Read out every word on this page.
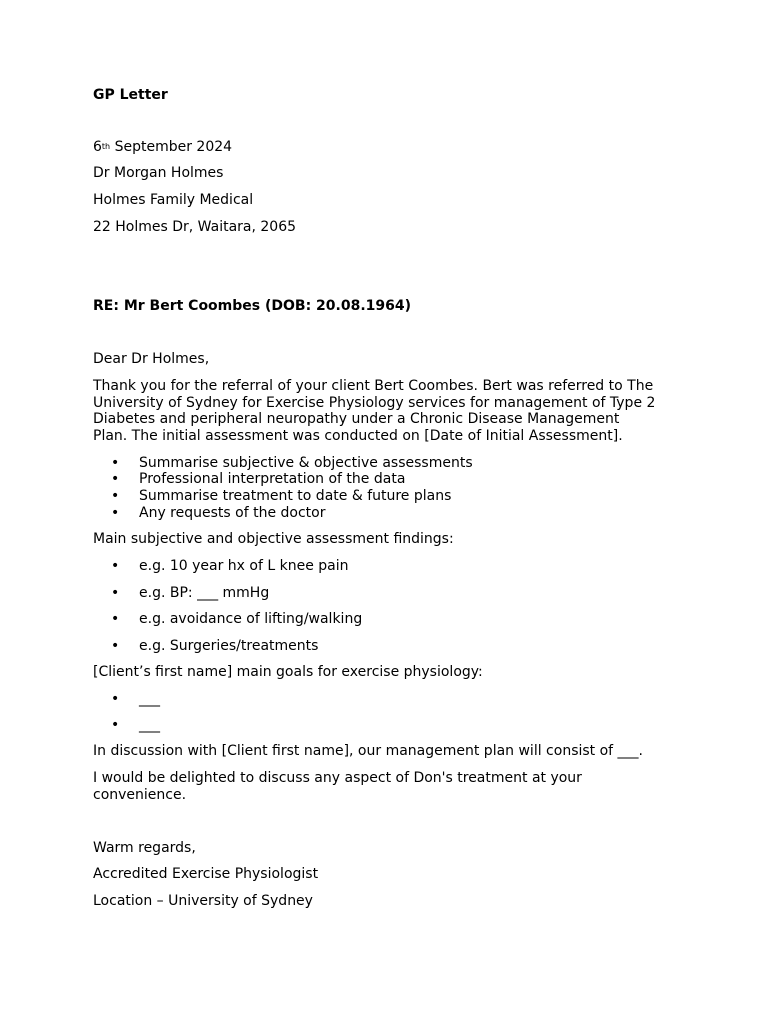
GP Letter
6th September 2024
Dr Morgan Holmes
Holmes Family Medical
22 Holmes Dr, Waitara, 2065
RE: Mr Bert Coombes (DOB: 20.08.1964)
Dear Dr Holmes,
Thank you for the referral of your client Bert Coombes. Bert was referred to The
University of Sydney for Exercise Physiology services for management of Type 2
Diabetes and peripheral neuropathy under a Chronic Disease Management
Plan. The initial assessment was conducted on [Date of Initial Assessment].
• Summarise subjective & objective assessments
• Professional interpretation of the data
• Summarise treatment to date & future plans
• Any requests of the doctor
Main subjective and objective assessment findings:
• e.g. 10 year hx of L knee pain
• e.g. BP: ___ mmHg
• e.g. avoidance of lifting/walking
• e.g. Surgeries/treatments
[Client’s first name] main goals for exercise physiology:
• ___
• ___
In discussion with [Client first name], our management plan will consist of ___.
I would be delighted to discuss any aspect of Don's treatment at your
convenience.
Warm regards,
Accredited Exercise Physiologist
Location – University of Sydney
